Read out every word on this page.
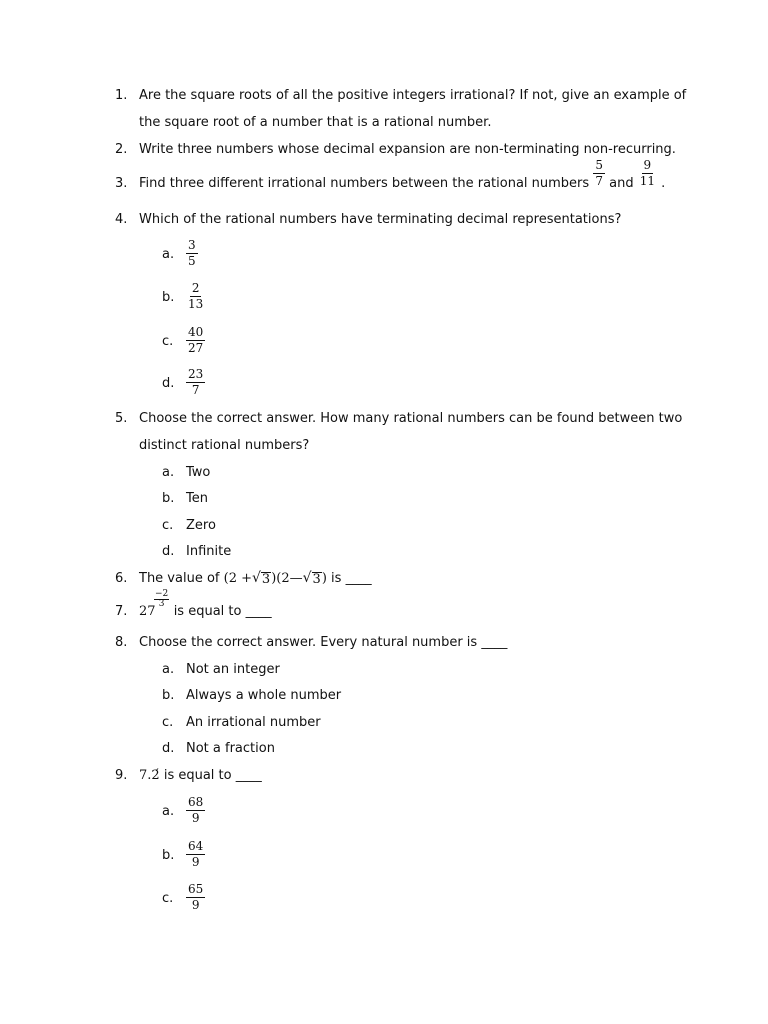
1. Are the square roots of all the positive integers irrational? If not, give an example of
the square root of a number that is a rational number.
2. Write three numbers whose decimal expansion are non-terminating non-recurring.
3. Find three different irrational numbers between the rational numbers $\frac{5}{7}$ and $\frac{9}{11}$ .
4. Which of the rational numbers have terminating decimal representations?
a. $\frac{3}{5}$
b. $\frac{2}{13}$
c. $\frac{40}{27}$
d. $\frac{23}{7}$
5. Choose the correct answer. How many rational numbers can be found between two
distinct rational numbers?
a. Two
b. Ten
c. Zero
d. Infinite
6. The value of (2 + √ 3 )(2— √ 3 ) is ____
7. 27
$\frac{-2}{3}$
is equal to ____
8. Choose the correct answer. Every natural number is ____
a. Not an integer
b. Always a whole number
c. An irrational number
d. Not a fraction
9. 7.2́ is equal to ____
a. $\frac{68}{9}$
b. $\frac{64}{9}$
c. $\frac{65}{9}$
